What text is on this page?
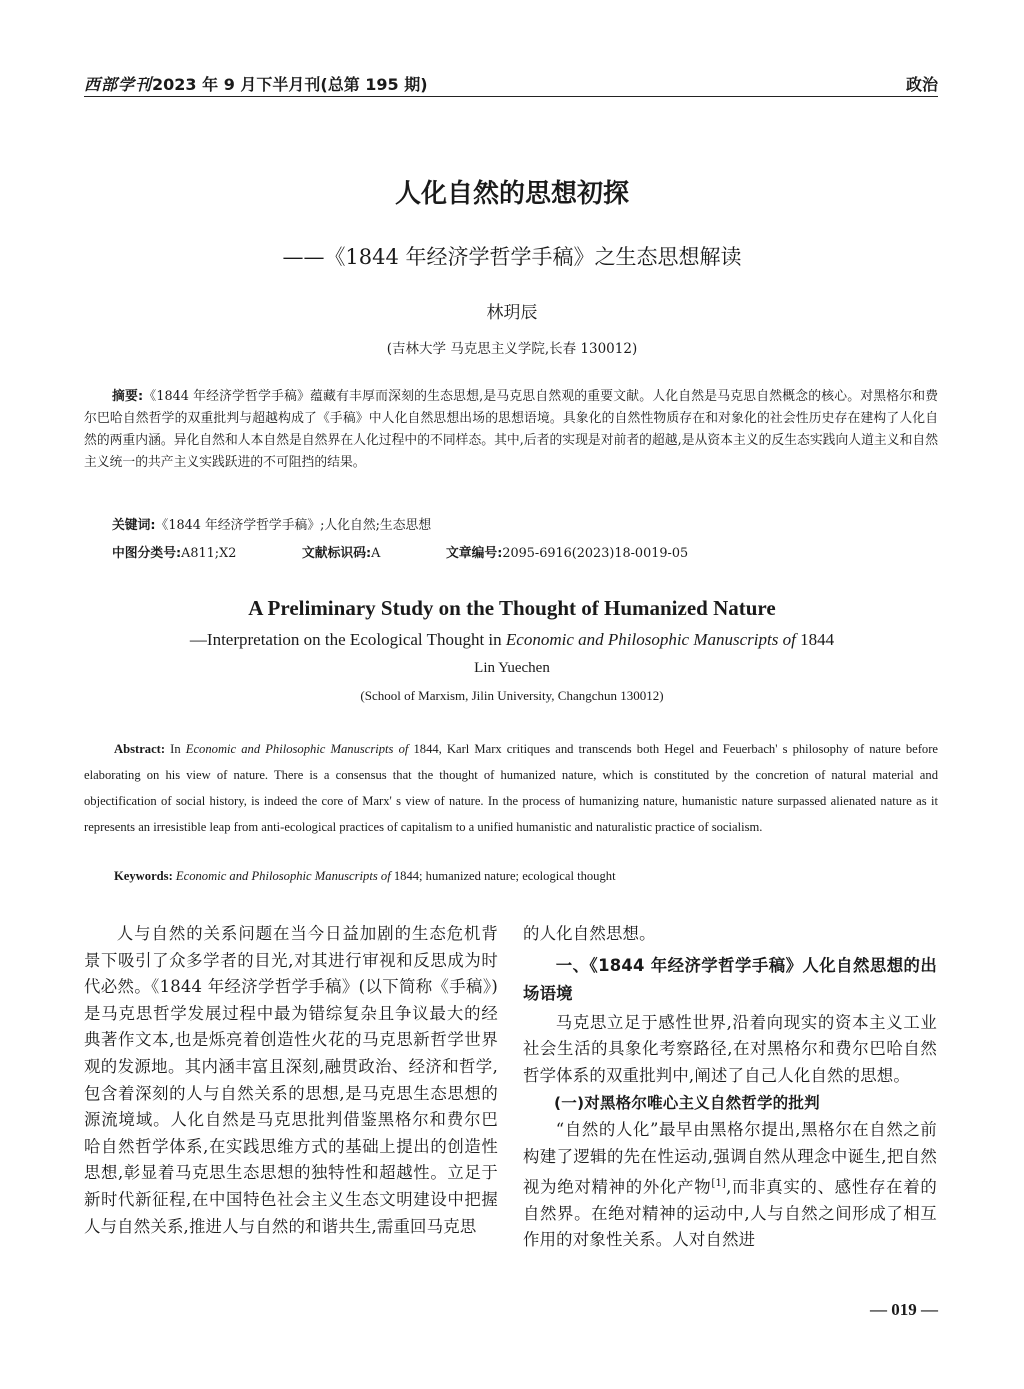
西部学刊2023 年 9 月下半月刊(总第 195 期)	政治
人化自然的思想初探
——《1844 年经济学哲学手稿》之生态思想解读
林玥辰
(吉林大学 马克思主义学院,长春 130012)
摘要:《1844 年经济学哲学手稿》蕴藏有丰厚而深刻的生态思想,是马克思自然观的重要文献。人化自然是马克思自然概念的核心。对黑格尔和费尔巴哈自然哲学的双重批判与超越构成了《手稿》中人化自然思想出场的思想语境。具象化的自然性物质存在和对象化的社会性历史存在建构了人化自然的两重内涵。异化自然和人本自然是自然界在人化过程中的不同样态。其中,后者的实现是对前者的超越,是从资本主义的反生态实践向人道主义和自然主义统一的共产主义实践跃进的不可阻挡的结果。
关键词:《1844 年经济学哲学手稿》;人化自然;生态思想
中图分类号:A811;X2	文献标识码:A	文章编号:2095-6916(2023)18-0019-05
A Preliminary Study on the Thought of Humanized Nature
—Interpretation on the Ecological Thought in Economic and Philosophic Manuscripts of 1844
Lin Yuechen
(School of Marxism, Jilin University, Changchun 130012)
Abstract: In Economic and Philosophic Manuscripts of 1844, Karl Marx critiques and transcends both Hegel and Feuerbach' s philosophy of nature before elaborating on his view of nature. There is a consensus that the thought of humanized nature, which is constituted by the concretion of natural material and objectification of social history, is indeed the core of Marx' s view of nature. In the process of humanizing nature, humanistic nature surpassed alienated nature as it represents an irresistible leap from anti-ecological practices of capitalism to a unified humanistic and naturalistic practice of socialism.
Keywords: Economic and Philosophic Manuscripts of 1844; humanized nature; ecological thought

人与自然的关系问题在当今日益加剧的生态危机背景下吸引了众多学者的目光,对其进行审视和反思成为时代必然。《1844 年经济学哲学手稿》(以下简称《手稿》)是马克思哲学发展过程中最为错综复杂且争议最大的经典著作文本,也是烁亮着创造性火花的马克思新哲学世界观的发源地。其内涵丰富且深刻,融贯政治、经济和哲学,包含着深刻的人与自然关系的思想,是马克思生态思想的源流境域。人化自然是马克思批判借鉴黑格尔和费尔巴哈自然哲学体系,在实践思维方式的基础上提出的创造性思想,彰显着马克思生态思想的独特性和超越性。立足于新时代新征程,在中国特色社会主义生态文明建设中把握人与自然关系,推进人与自然的和谐共生,需重回马克思

的人化自然思想。

一、《1844 年经济学哲学手稿》人化自然思想的出场语境

马克思立足于感性世界,沿着向现实的资本主义工业社会生活的具象化考察路径,在对黑格尔和费尔巴哈自然哲学体系的双重批判中,阐述了自己人化自然的思想。

(一)对黑格尔唯心主义自然哲学的批判

“自然的人化”最早由黑格尔提出,黑格尔在自然之前构建了逻辑的先在性运动,强调自然从理念中诞生,把自然视为绝对精神的外化产物[1],而非真实的、感性存在着的自然界。在绝对精神的运动中,人与自然之间形成了相互作用的对象性关系。人对自然进

— 019 —
